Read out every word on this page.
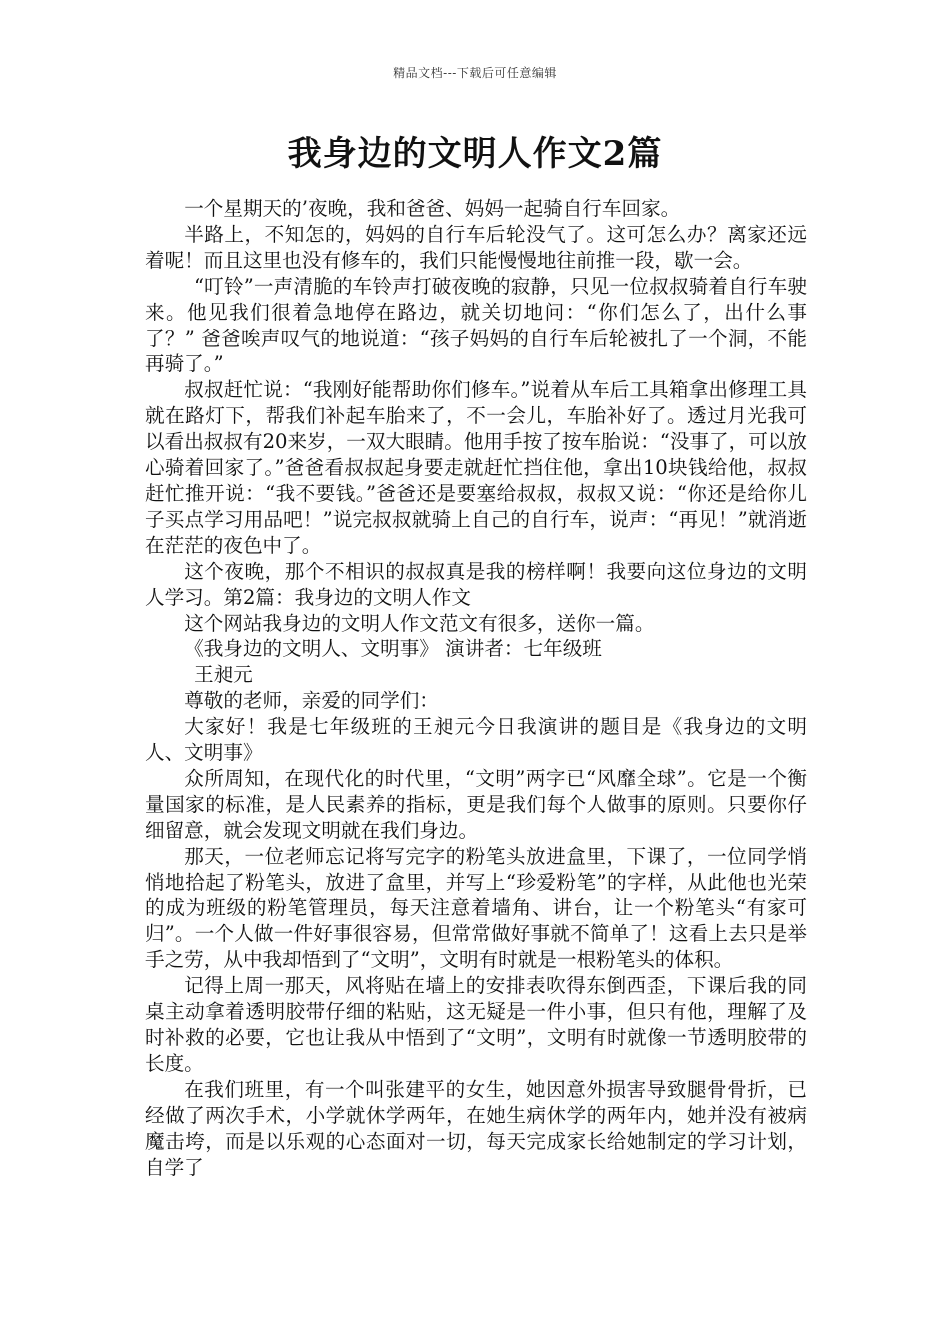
精品文档---下载后可任意编辑
我身边的文明人作文2篇

一个星期天的’夜晚，我和爸爸、妈妈一起骑自行车回家。

半路上，不知怎的，妈妈的自行车后轮没气了。这可怎么办？离家还远着呢！而且这里也没有修车的，我们只能慢慢地往前推一段，歇一会。

“叮铃”一声清脆的车铃声打破夜晚的寂静，只见一位叔叔骑着自行车驶来。他见我们很着急地停在路边，就关切地问：“你们怎么了，出什么事了？” 爸爸唉声叹气的地说道：“孩子妈妈的自行车后轮被扎了一个洞，不能再骑了。”

叔叔赶忙说：“我刚好能帮助你们修车。”说着从车后工具箱拿出修理工具就在路灯下，帮我们补起车胎来了，不一会儿，车胎补好了。透过月光我可以看出叔叔有20来岁，一双大眼睛。他用手按了按车胎说：“没事了，可以放心骑着回家了。”爸爸看叔叔起身要走就赶忙挡住他，拿出10块钱给他，叔叔赶忙推开说：“我不要钱。”爸爸还是要塞给叔叔，叔叔又说：“你还是给你儿子买点学习用品吧！”说完叔叔就骑上自己的自行车，说声：“再见！”就消逝在茫茫的夜色中了。

这个夜晚，那个不相识的叔叔真是我的榜样啊！我要向这位身边的文明人学习。第2篇：我身边的文明人作文

这个网站我身边的文明人作文范文有很多，送你一篇。

《我身边的文明人、文明事》 演讲者：七年级班

王昶元

尊敬的老师，亲爱的同学们：

大家好！我是七年级班的王昶元今日我演讲的题目是《我身边的文明人、文明事》

众所周知，在现代化的时代里，“文明”两字已“风靡全球”。它是一个衡量国家的标准，是人民素养的指标，更是我们每个人做事的原则。只要你仔细留意，就会发现文明就在我们身边。

那天，一位老师忘记将写完字的粉笔头放进盒里，下课了，一位同学悄悄地拾起了粉笔头，放进了盒里，并写上“珍爱粉笔”的字样，从此他也光荣的成为班级的粉笔管理员，每天注意着墙角、讲台，让一个粉笔头“有家可归”。一个人做一件好事很容易，但常常做好事就不简单了！这看上去只是举手之劳，从中我却悟到了“文明”，文明有时就是一根粉笔头的体积。

记得上周一那天，风将贴在墙上的安排表吹得东倒西歪，下课后我的同桌主动拿着透明胶带仔细的粘贴，这无疑是一件小事，但只有他，理解了及时补救的必要，它也让我从中悟到了“文明”，文明有时就像一节透明胶带的长度。

在我们班里，有一个叫张建平的女生，她因意外损害导致腿骨骨折，已经做了两次手术，小学就休学两年，在她生病休学的两年内，她并没有被病魔击垮，而是以乐观的心态面对一切，每天完成家长给她制定的学习计划，自学了
